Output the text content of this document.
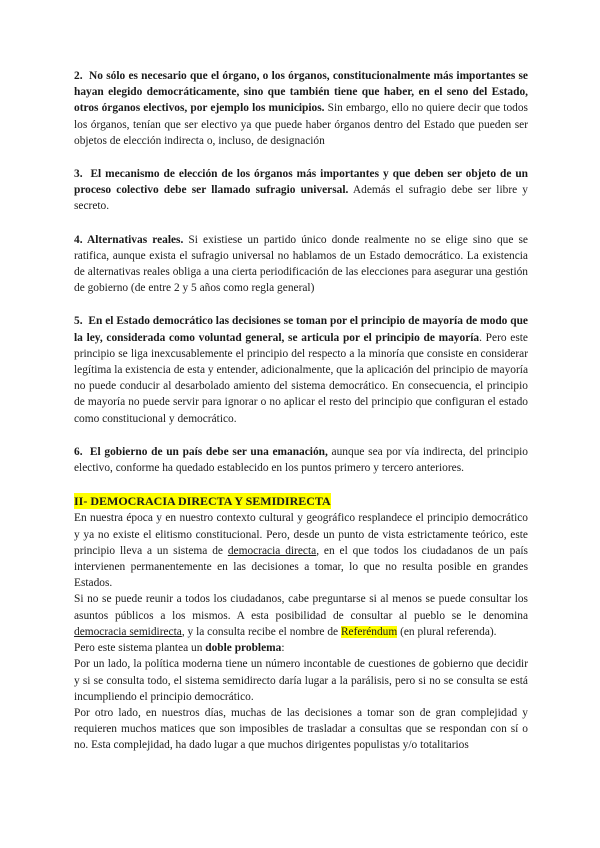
2.  No sólo es necesario que el órgano, o los órganos, constitucionalmente más importantes se hayan elegido democráticamente, sino que también tiene que haber, en el seno del Estado, otros órganos electivos, por ejemplo los municipios. Sin embargo, ello no quiere decir que todos los órganos, tenían que ser electivo ya que puede haber órganos dentro del Estado que pueden ser objetos de elección indirecta o, incluso, de designación

3.  El mecanismo de elección de los órganos más importantes y que deben ser objeto de un proceso colectivo debe ser llamado sufragio universal. Además el sufragio debe ser libre y secreto.

4. Alternativas reales. Si existiese un partido único donde realmente no se elige sino que se ratifica, aunque exista el sufragio universal no hablamos de un Estado democrático. La existencia de alternativas reales obliga a una cierta periodificación de las elecciones para asegurar una gestión de gobierno (de entre 2 y 5 años como regla general)

5.  En el Estado democrático las decisiones se toman por el principio de mayoría de modo que la ley, considerada como voluntad general, se articula por el principio de mayoría. Pero este principio se liga inexcusablemente el principio del respecto a la minoría que consiste en considerar legítima la existencia de esta y entender, adicionalmente, que la aplicación del principio de mayoría no puede conducir al desarbolado amiento del sistema democrático. En consecuencia, el principio de mayoría no puede servir para ignorar o no aplicar el resto del principio que configuran el estado como constitucional y democrático.

6.  El gobierno de un país debe ser una emanación, aunque sea por vía indirecta, del principio electivo, conforme ha quedado establecido en los puntos primero y tercero anteriores.

II- DEMOCRACIA DIRECTA Y SEMIDIRECTA

En nuestra época y en nuestro contexto cultural y geográfico resplandece el principio democrático y ya no existe el elitismo constitucional. Pero, desde un punto de vista estrictamente teórico, este principio lleva a un sistema de democracia directa, en el que todos los ciudadanos de un país intervienen permanentemente en las decisiones a tomar, lo que no resulta posible en grandes Estados.

Si no se puede reunir a todos los ciudadanos, cabe preguntarse si al menos se puede consultar los asuntos públicos a los mismos. A esta posibilidad de consultar al pueblo se le denomina democracia semidirecta, y la consulta recibe el nombre de Referéndum (en plural referenda).

Pero este sistema plantea un doble problema:

Por un lado, la política moderna tiene un número incontable de cuestiones de gobierno que decidir y si se consulta todo, el sistema semidirecto daría lugar a la parálisis, pero si no se consulta se está incumpliendo el principio democrático.

Por otro lado, en nuestros días, muchas de las decisiones a tomar son de gran complejidad y requieren muchos matices que son imposibles de trasladar a consultas que se respondan con sí o no. Esta complejidad, ha dado lugar a que muchos dirigentes populistas y/o totalitarios
